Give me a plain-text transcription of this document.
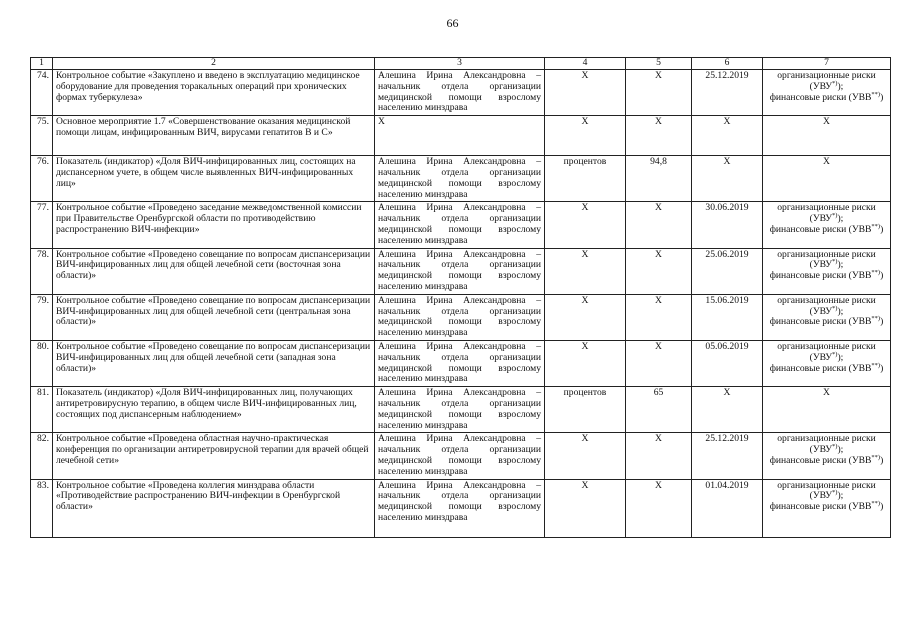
66
1	2	3	4	5	6	7
74.	Контрольное событие «Закуплено и введено в эксплуатацию медицинское оборудование для проведения торакальных операций при хронических формах туберкулеза»	Алешина Ирина Александровна – начальник отдела организации медицинской помощи взрослому населению минздрава	X	X	25.12.2019	организационные риски (УВУ*));
финансовые риски (УВВ**))
75.	Основное мероприятие 1.7 «Совершенствование оказания медицинской помощи лицам, инфицированным ВИЧ, вирусами гепатитов В и С»	X	X	X	X	X
76.	Показатель (индикатор) «Доля ВИЧ-инфицированных лиц, состоящих на диспансерном учете, в общем числе выявленных ВИЧ-инфицированных лиц»	Алешина Ирина Александровна – начальник отдела организации медицинской помощи взрослому населению минздрава	процентов	94,8	X	X
77.	Контрольное событие «Проведено заседание межведомственной комиссии при Правительстве Оренбургской области по противодействию распространению ВИЧ-инфекции»	Алешина Ирина Александровна – начальник отдела организации медицинской помощи взрослому населению минздрава	X	X	30.06.2019	организационные риски (УВУ*));
финансовые риски (УВВ**))
78.	Контрольное событие «Проведено совещание по вопросам диспансеризации ВИЧ-инфицированных лиц для общей лечебной сети (восточная зона области)»	Алешина Ирина Александровна – начальник отдела организации медицинской помощи взрослому населению минздрава	X	X	25.06.2019	организационные риски (УВУ*));
финансовые риски (УВВ**))
79.	Контрольное событие «Проведено совещание по вопросам диспансеризации ВИЧ-инфицированных лиц для общей лечебной сети (центральная зона области)»	Алешина Ирина Александровна – начальник отдела организации медицинской помощи взрослому населению минздрава	X	X	15.06.2019	организационные риски (УВУ*));
финансовые риски (УВВ**))
80.	Контрольное событие «Проведено совещание по вопросам диспансеризации ВИЧ-инфицированных лиц для общей лечебной сети (западная зона области)»	Алешина Ирина Александровна – начальник отдела организации медицинской помощи взрослому населению минздрава	X	X	05.06.2019	организационные риски (УВУ*));
финансовые риски (УВВ**))
81.	Показатель (индикатор) «Доля ВИЧ-инфицированных лиц, получающих антиретровирусную терапию, в общем числе ВИЧ-инфицированных лиц, состоящих под диспансерным наблюдением»	Алешина Ирина Александровна – начальник отдела организации медицинской помощи взрослому населению минздрава	процентов	65	X	X
82.	Контрольное событие «Проведена областная научно-практическая конференция по организации антиретровирусной терапии для врачей общей лечебной сети»	Алешина Ирина Александровна – начальник отдела организации медицинской помощи взрослому населению минздрава	X	X	25.12.2019	организационные риски (УВУ*));
финансовые риски (УВВ**))
83.	Контрольное событие «Проведена коллегия минздрава области «Противодействие распространению ВИЧ-инфекции в Оренбургской области»	Алешина Ирина Александровна – начальник отдела организации медицинской помощи взрослому населению минздрава	X	X	01.04.2019	организационные риски (УВУ*));
финансовые риски (УВВ**))
